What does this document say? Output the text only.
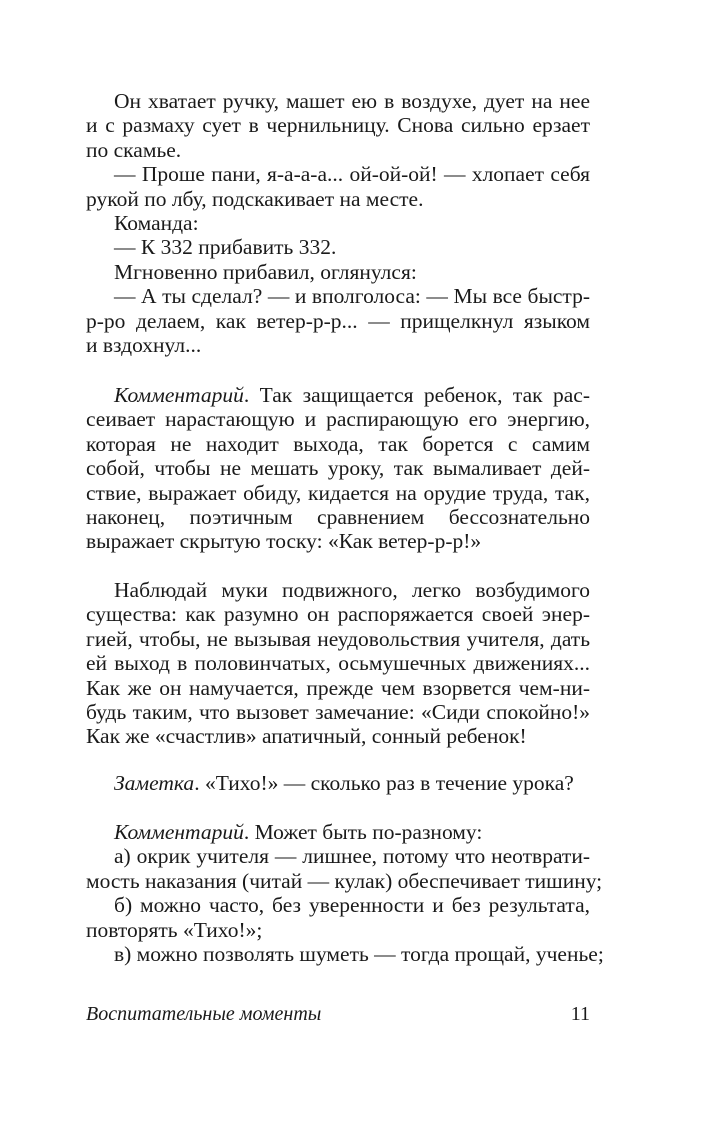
Он хватает ручку, машет ею в воздухе, дует на нее
и с размаху сует в чернильницу. Снова сильно ерзает
по скамье.
— Проше пани, я-а-а-а... ой-ой-ой! — хлопает себя
рукой по лбу, подскакивает на месте.
Команда:
— К 332 прибавить 332.
Мгновенно прибавил, оглянулся:
— А ты сделал? — и вполголоса: — Мы все быстр-
р-ро делаем, как ветер-р-р... — прищелкнул языком
и вздохнул...
Комментарий. Так защищается ребенок, так рас-
сеивает нарастающую и распирающую его энергию,
которая не находит выхода, так борется с самим
собой, чтобы не мешать уроку, так вымаливает дей-
ствие, выражает обиду, кидается на орудие труда, так,
наконец, поэтичным сравнением бессознательно
выражает скрытую тоску: «Как ветер-р-р!»
Наблюдай муки подвижного, легко возбудимого
существа: как разумно он распоряжается своей энер-
гией, чтобы, не вызывая неудовольствия учителя, дать
ей выход в половинчатых, осьмушечных движениях...
Как же он намучается, прежде чем взорвется чем-ни-
будь таким, что вызовет замечание: «Сиди спокойно!»
Как же «счастлив» апатичный, сонный ребенок!
Заметка. «Тихо!» — сколько раз в течение урока?
Комментарий. Может быть по-разному:
а) окрик учителя — лишнее, потому что неотврати-
мость наказания (читай — кулак) обеспечивает тишину;
б) можно часто, без уверенности и без результата,
повторять «Тихо!»;
в) можно позволять шуметь — тогда прощай, ученье;
Воспитательные моменты	11
